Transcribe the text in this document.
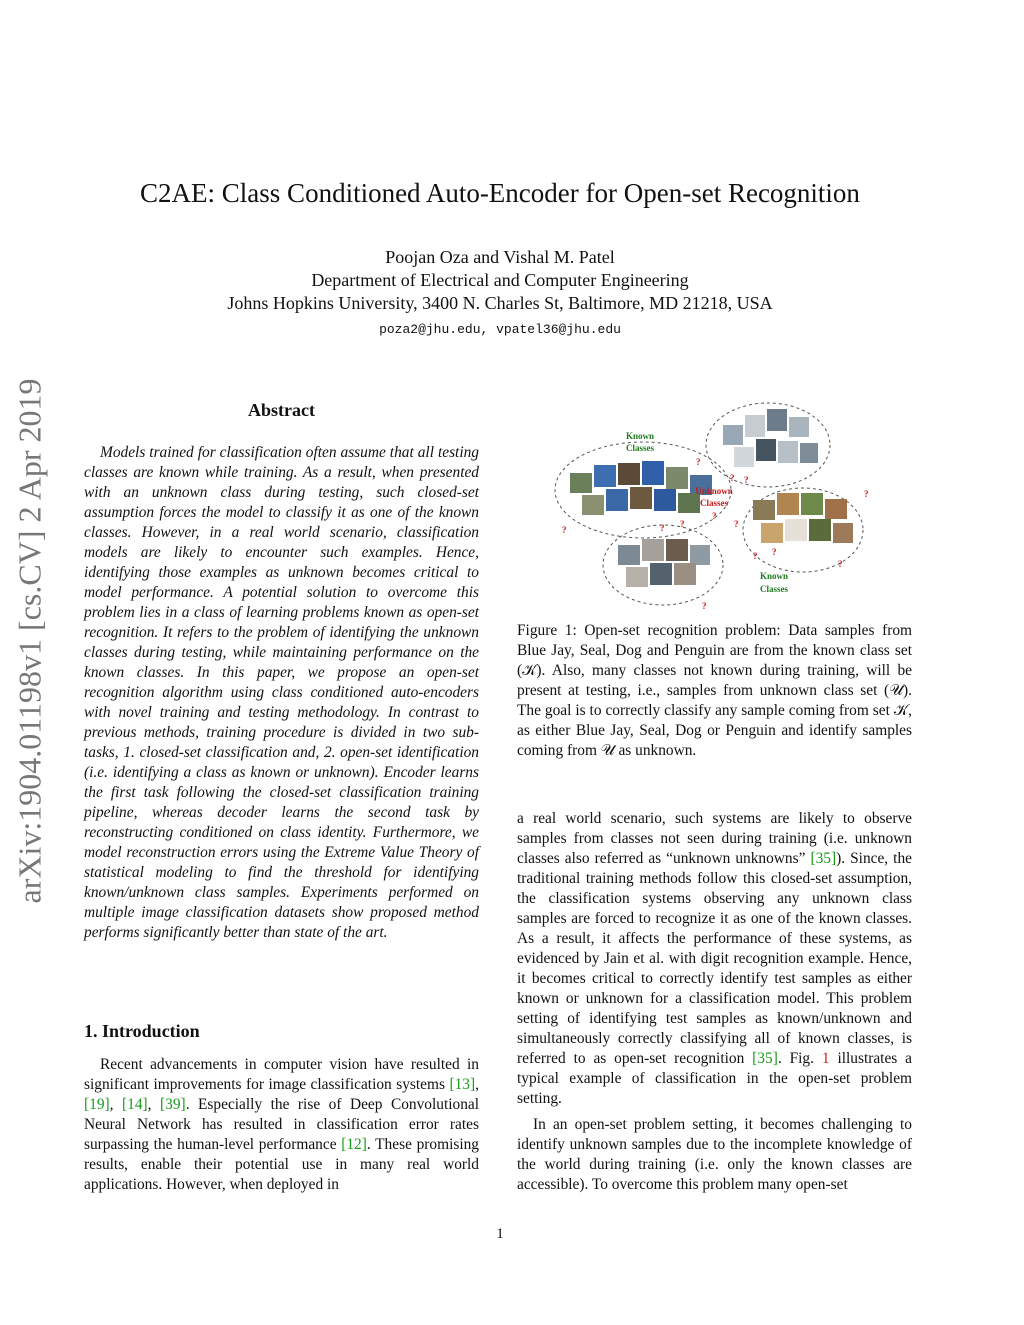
arXiv:1904.01198v1 [cs.CV] 2 Apr 2019
C2AE: Class Conditioned Auto-Encoder for Open-set Recognition
Poojan Oza and Vishal M. Patel
Department of Electrical and Computer Engineering
Johns Hopkins University, 3400 N. Charles St, Baltimore, MD 21218, USA
poza2@jhu.edu, vpatel36@jhu.edu
Abstract

Models trained for classification often assume that all testing classes are known while training. As a result, when presented with an unknown class during testing, such closed-set assumption forces the model to classify it as one of the known classes. However, in a real world scenario, classification models are likely to encounter such examples. Hence, identifying those examples as unknown becomes critical to model performance. A potential solution to overcome this problem lies in a class of learning problems known as open-set recognition. It refers to the problem of identifying the unknown classes during testing, while maintaining performance on the known classes. In this paper, we propose an open-set recognition algorithm using class conditioned auto-encoders with novel training and testing methodology. In contrast to previous methods, training procedure is divided in two sub-tasks, 1. closed-set classification and, 2. open-set identification (i.e. identifying a class as known or unknown). Encoder learns the first task following the closed-set classification training pipeline, whereas decoder learns the second task by reconstructing conditioned on class identity. Furthermore, we model reconstruction errors using the Extreme Value Theory of statistical modeling to find the threshold for identifying known/unknown class samples. Experiments performed on multiple image classification datasets show proposed method performs significantly better than state of the art.

1. Introduction

Recent advancements in computer vision have resulted in significant improvements for image classification systems [13], [19], [14], [39]. Especially the rise of Deep Convolutional Neural Network has resulted in classification error rates surpassing the human-level performance [12]. These promising results, enable their potential use in many real world applications. However, when deployed in

Known
Classes
Unknown
Classes
Known
Classes
?
?
?
?
?	? ?
? ?
?
?
?
?

Figure 1: Open-set recognition problem: Data samples from Blue Jay, Seal, Dog and Penguin are from the known class set (𝒦). Also, many classes not known during training, will be present at testing, i.e., samples from unknown class set (𝒰). The goal is to correctly classify any sample coming from set 𝒦, as either Blue Jay, Seal, Dog or Penguin and identify samples coming from 𝒰 as unknown.

a real world scenario, such systems are likely to observe samples from classes not seen during training (i.e. unknown classes also referred as “unknown unknowns” [35]). Since, the traditional training methods follow this closed-set assumption, the classification systems observing any unknown class samples are forced to recognize it as one of the known classes. As a result, it affects the performance of these systems, as evidenced by Jain et al. with digit recognition example. Hence, it becomes critical to correctly identify test samples as either known or unknown for a classification model. This problem setting of identifying test samples as known/unknown and simultaneously correctly classifying all of known classes, is referred to as open-set recognition [35]. Fig. 1 illustrates a typical example of classification in the open-set problem setting.

In an open-set problem setting, it becomes challenging to identify unknown samples due to the incomplete knowledge of the world during training (i.e. only the known classes are accessible). To overcome this problem many open-set

1
